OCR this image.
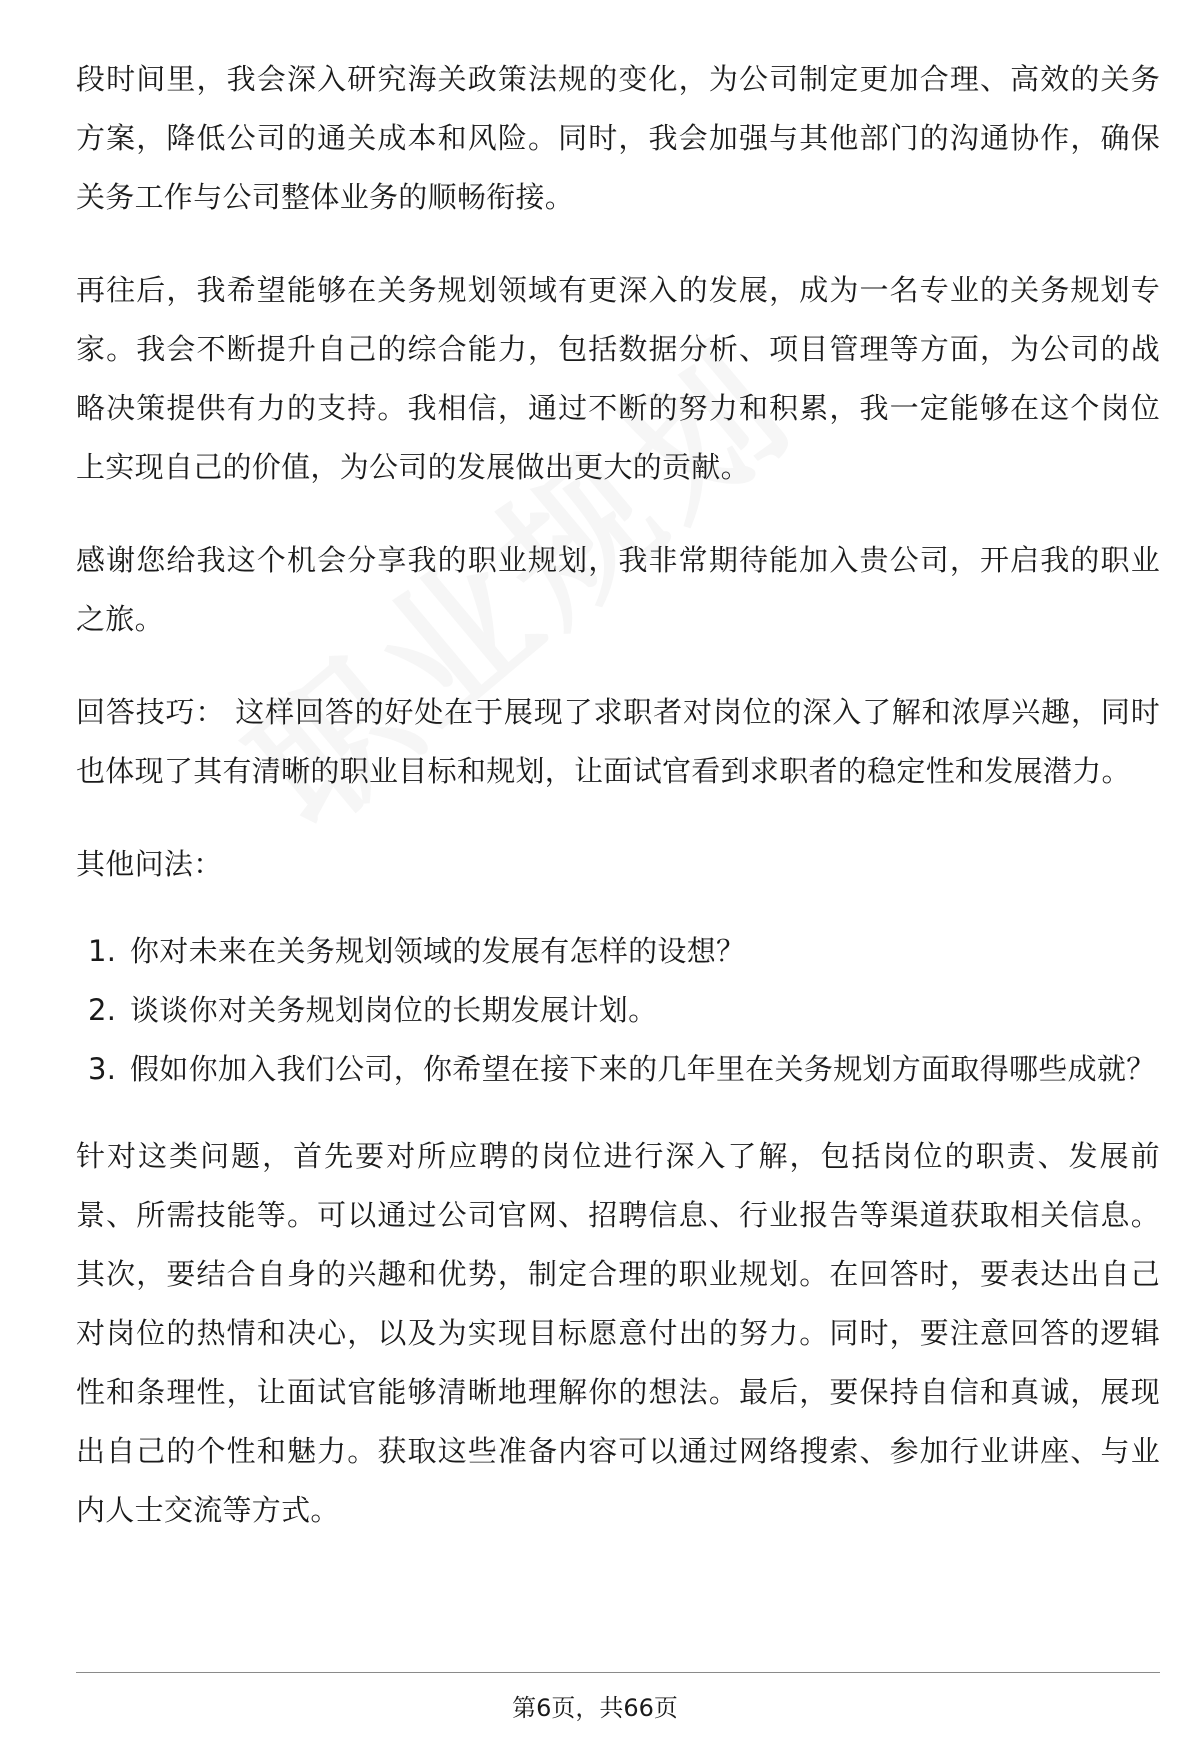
段时间里，我会深入研究海关政策法规的变化，为公司制定更加合理、高效的关务方案，降低公司的通关成本和风险。同时，我会加强与其他部门的沟通协作，确保关务工作与公司整体业务的顺畅衔接。

再往后，我希望能够在关务规划领域有更深入的发展，成为一名专业的关务规划专家。我会不断提升自己的综合能力，包括数据分析、项目管理等方面，为公司的战略决策提供有力的支持。我相信，通过不断的努力和积累，我一定能够在这个岗位上实现自己的价值，为公司的发展做出更大的贡献。

感谢您给我这个机会分享我的职业规划，我非常期待能加入贵公司，开启我的职业之旅。

回答技巧： 这样回答的好处在于展现了求职者对岗位的深入了解和浓厚兴趣，同时也体现了其有清晰的职业目标和规划，让面试官看到求职者的稳定性和发展潜力。

其他问法：

1. 你对未来在关务规划领域的发展有怎样的设想？
2. 谈谈你对关务规划岗位的长期发展计划。
3. 假如你加入我们公司，你希望在接下来的几年里在关务规划方面取得哪些成就？

针对这类问题，首先要对所应聘的岗位进行深入了解，包括岗位的职责、发展前景、所需技能等。可以通过公司官网、招聘信息、行业报告等渠道获取相关信息。其次，要结合自身的兴趣和优势，制定合理的职业规划。在回答时，要表达出自己对岗位的热情和决心，以及为实现目标愿意付出的努力。同时，要注意回答的逻辑性和条理性，让面试官能够清晰地理解你的想法。最后，要保持自信和真诚，展现出自己的个性和魅力。获取这些准备内容可以通过网络搜索、参加行业讲座、与业内人士交流等方式。

第6页，共66页
